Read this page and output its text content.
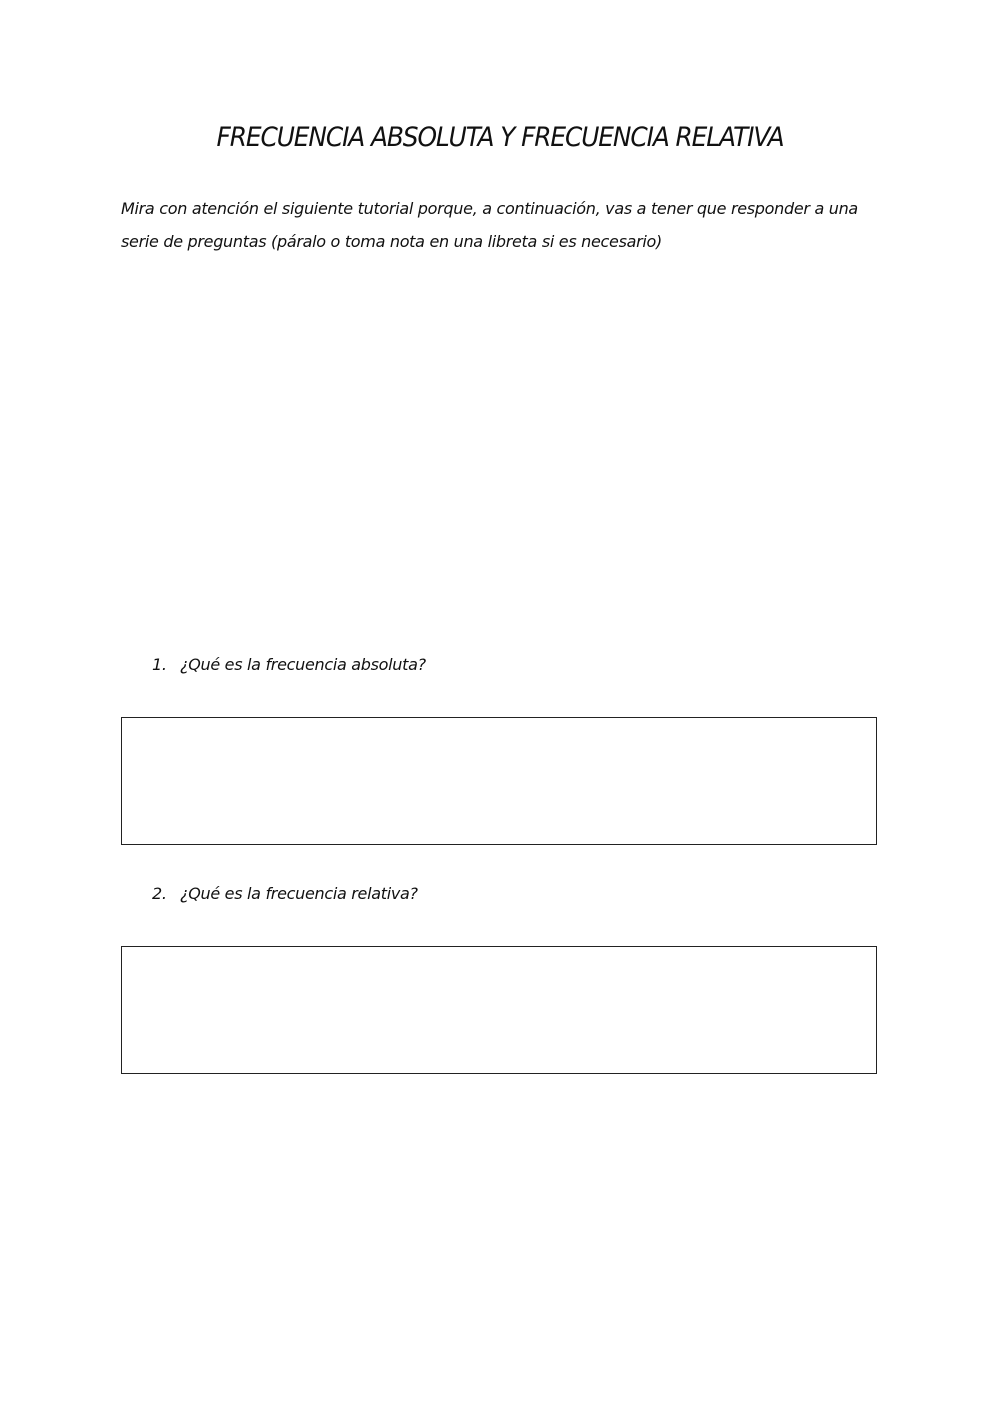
FRECUENCIA ABSOLUTA Y FRECUENCIA RELATIVA

Mira con atención el siguiente tutorial porque, a continuación, vas a tener que responder a una
serie de preguntas (páralo o toma nota en una libreta si es necesario)

1. ¿Qué es la frecuencia absoluta?

2. ¿Qué es la frecuencia relativa?
